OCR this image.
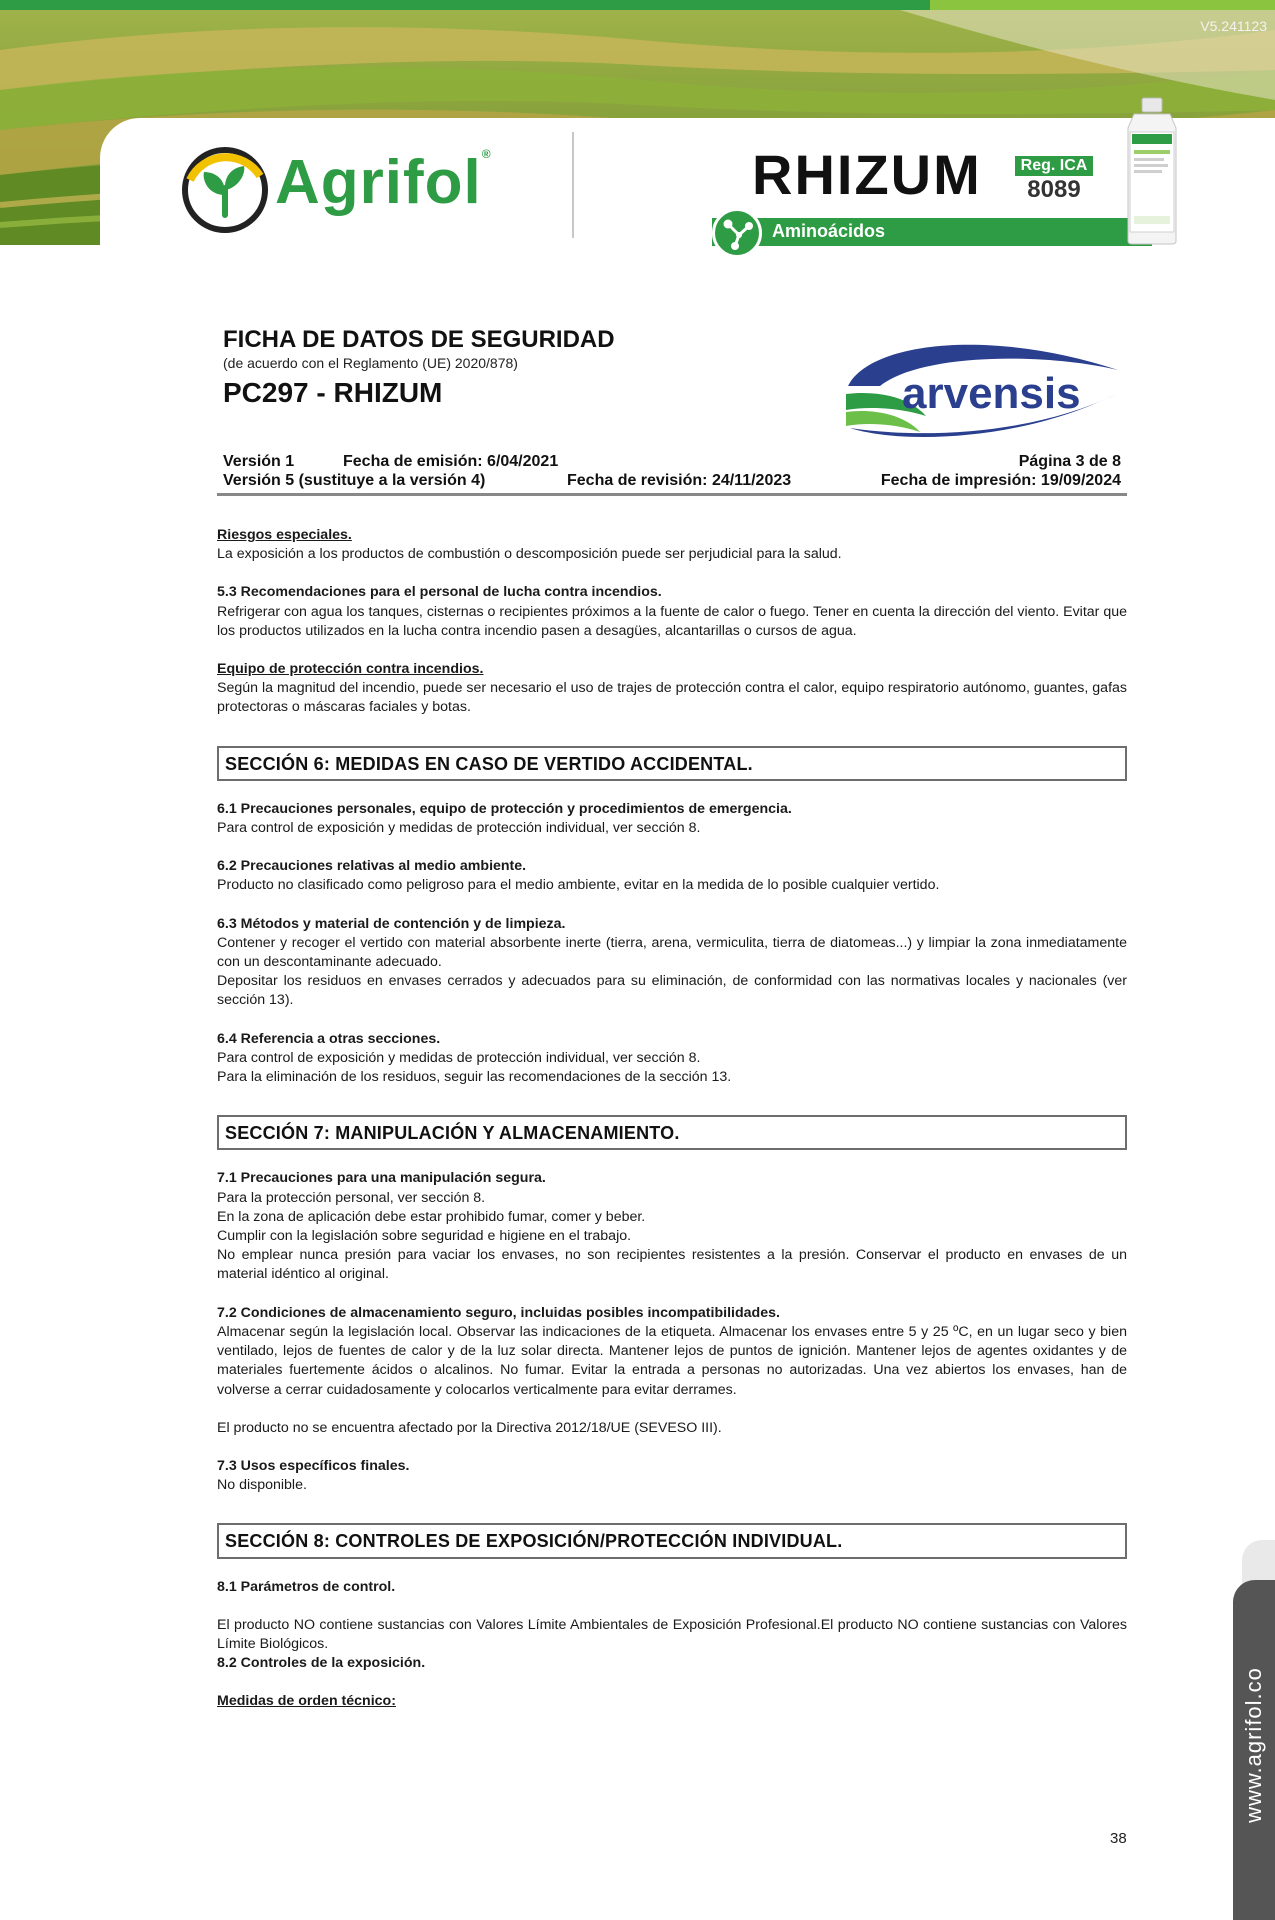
V5.241123
Agrifol®	RHIZUM	Reg. ICA
8089
Aminoácidos
FICHA DE DATOS DE SEGURIDAD
(de acuerdo con el Reglamento (UE) 2020/878)
PC297 - RHIZUM	arvensis
Versión 1	Fecha de emisión: 6/04/2021	Página 3 de 8
Versión 5 (sustituye a la versión 4)	Fecha de revisión: 24/11/2023	Fecha de impresión: 19/09/2024

Riesgos especiales.

La exposición a los productos de combustión o descomposición puede ser perjudicial para la salud.

5.3 Recomendaciones para el personal de lucha contra incendios.

Refrigerar con agua los tanques, cisternas o recipientes próximos a la fuente de calor o fuego. Tener en cuenta la dirección del viento. Evitar que los productos utilizados en la lucha contra incendio pasen a desagües, alcantarillas o cursos de agua.

Equipo de protección contra incendios.

Según la magnitud del incendio, puede ser necesario el uso de trajes de protección contra el calor, equipo respiratorio autónomo, guantes, gafas protectoras o máscaras faciales y botas.

SECCIÓN 6: MEDIDAS EN CASO DE VERTIDO ACCIDENTAL.

6.1 Precauciones personales, equipo de protección y procedimientos de emergencia.

Para control de exposición y medidas de protección individual, ver sección 8.

6.2 Precauciones relativas al medio ambiente.

Producto no clasificado como peligroso para el medio ambiente, evitar en la medida de lo posible cualquier vertido.

6.3 Métodos y material de contención y de limpieza.

Contener y recoger el vertido con material absorbente inerte (tierra, arena, vermiculita, tierra de diatomeas...) y limpiar la zona inmediatamente con un descontaminante adecuado.

Depositar los residuos en envases cerrados y adecuados para su eliminación, de conformidad con las normativas locales y nacionales (ver sección 13).

6.4 Referencia a otras secciones.

Para control de exposición y medidas de protección individual, ver sección 8.

Para la eliminación de los residuos, seguir las recomendaciones de la sección 13.

SECCIÓN 7: MANIPULACIÓN Y ALMACENAMIENTO.

7.1 Precauciones para una manipulación segura.

Para la protección personal, ver sección 8.

En la zona de aplicación debe estar prohibido fumar, comer y beber.

Cumplir con la legislación sobre seguridad e higiene en el trabajo.

No emplear nunca presión para vaciar los envases, no son recipientes resistentes a la presión. Conservar el producto en envases de un material idéntico al original.

7.2 Condiciones de almacenamiento seguro, incluidas posibles incompatibilidades.

Almacenar según la legislación local. Observar las indicaciones de la etiqueta. Almacenar los envases entre 5 y 25 ºC, en un lugar seco y bien ventilado, lejos de fuentes de calor y de la luz solar directa. Mantener lejos de puntos de ignición. Mantener lejos de agentes oxidantes y de materiales fuertemente ácidos o alcalinos. No fumar. Evitar la entrada a personas no autorizadas. Una vez abiertos los envases, han de volverse a cerrar cuidadosamente y colocarlos verticalmente para evitar derrames.

El producto no se encuentra afectado por la Directiva 2012/18/UE (SEVESO III).

7.3 Usos específicos finales.

No disponible.

SECCIÓN 8: CONTROLES DE EXPOSICIÓN/PROTECCIÓN INDIVIDUAL.

8.1 Parámetros de control.

El producto NO contiene sustancias con Valores Límite Ambientales de Exposición Profesional.El producto NO contiene sustancias con Valores Límite Biológicos.

8.2 Controles de la exposición.

Medidas de orden técnico:	www.agrifol.co
38
